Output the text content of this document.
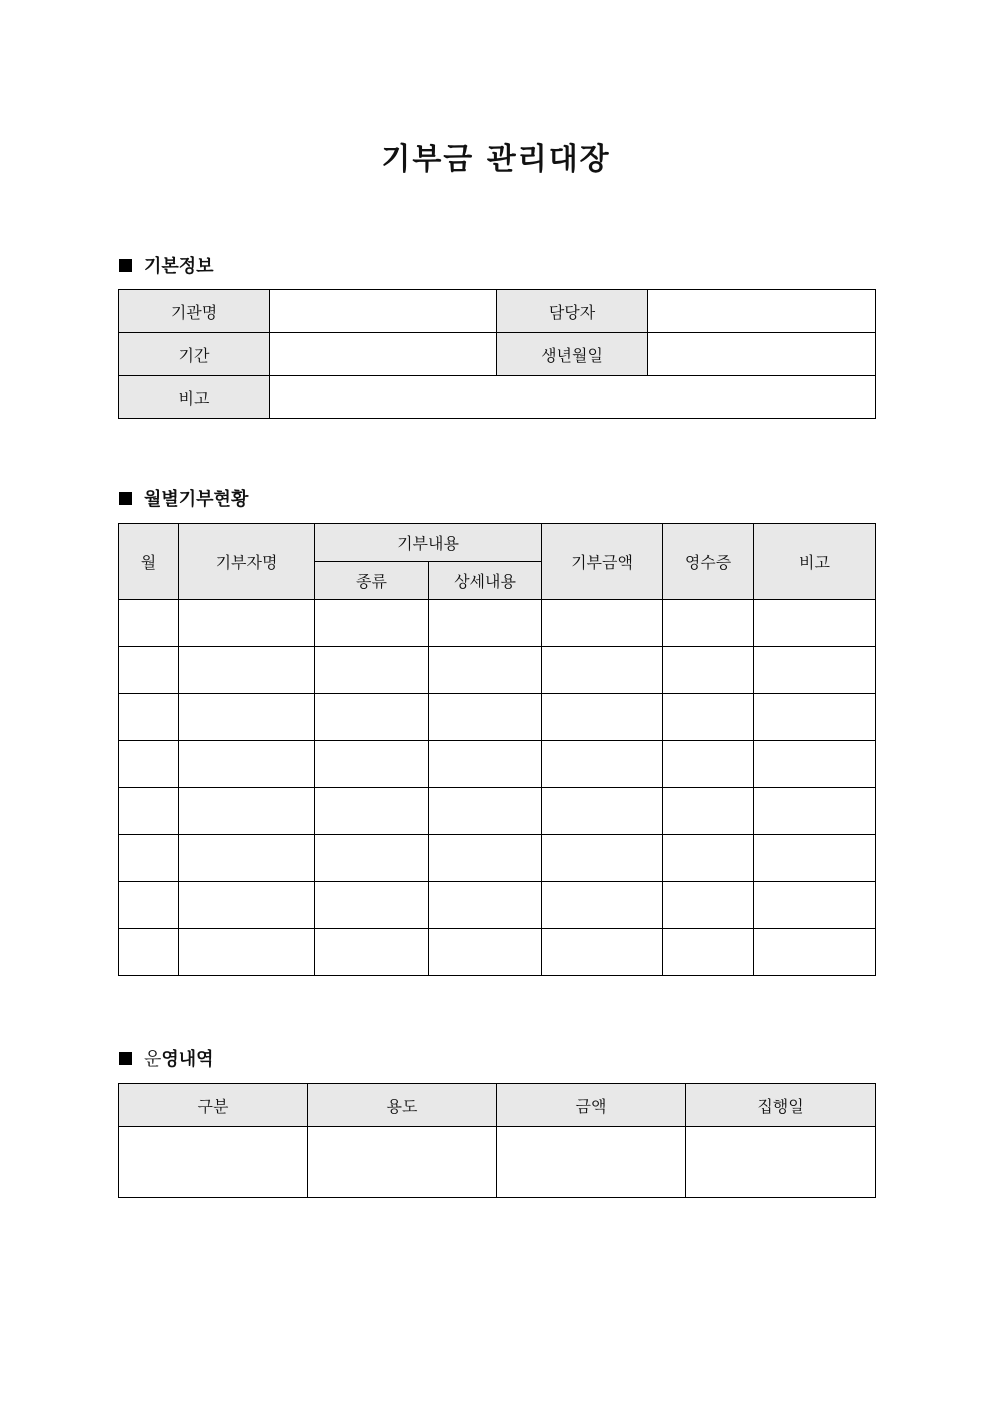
기부금 관리대장
기본정보
기관명		담당자	
기간		생년월일	
비고			
월별기부현황
월	기부자명	기부내용		기부금액	영수증	비고
		종류	상세내용			

운 영내역
구분	용도	금액	집행일
